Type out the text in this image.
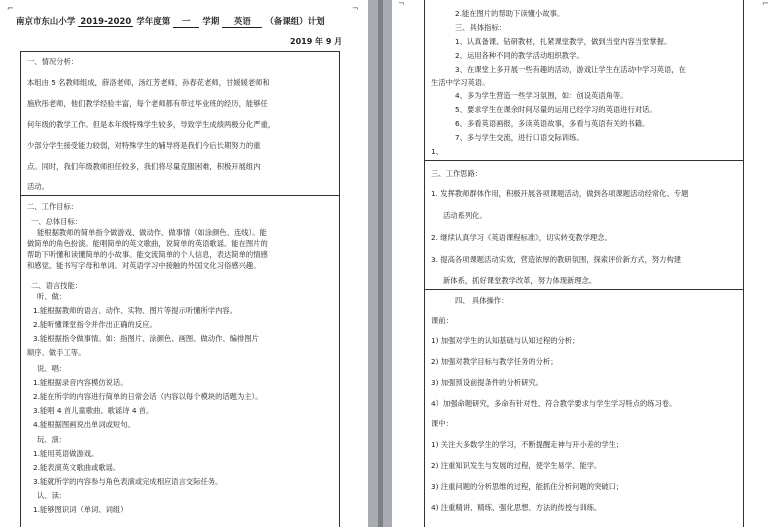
⌐	¬
南京市东山小学 2019-2020 学年度第 一 学期 英语 （备课组）计划
2019 年 9 月
一、情况分析：
本组由 5 名教师组成，薛洛老师，汤红芳老师，孙春花老师，甘媛媛老师和
施欣彤老师，他们教学经验丰富，每个老师都有带过毕业班的经历，能够任
何年级的教学工作。但是本年级特殊学生较多，导致学生成绩两极分化严重，
少部分学生接受能力较弱，对特殊学生的辅导将是我们今后长期努力的重
点。同时，我们年级教师担任较多，我们将尽量克服困难，积极开展组内
活动。
二、工作目标：
一、总体目标：
能根据教师的简单指令做游戏、做动作、做事情（如涂颜色、连线）。能
做简单的角色扮演。能唱简单的英文歌曲，说简单的英语歌谣。能在图片的
帮助下听懂和读懂简单的小故事。能交流简单的个人信息，表达简单的情感
和感觉。能书写字母和单词。对英语学习中接触的外国文化习俗感兴趣。
二、语言技能：
听、做：
1.能根据教师的语言、动作、实物、图片等提示听懂所学内容。
2.能听懂课堂指令并作出正确的反应。
3.能根据指令做事情。如：指图片、涂颜色、画图、做动作、编排图片
顺序、做手工等。
说、唱：
1.能根据录音内容模仿说话。
2.能在所学的内容进行简单的日常会话（内容以每个模块的话题为主）。
3.能唱 4 首儿童歌曲、歌谣诗 4 首。
4.能根据图画说出单词或短句。
玩、演：
1.能用英语做游戏。
2.能表演英文歌曲或歌谣。
3.能就所学的内容参与角色表演或完成相应语言交际任务。
认、读：
1.能够图识词（单词、词组）
¬	⌐
2.能在图片的帮助下读懂小故事。
三、具体指标：
1、认真备课、钻研教材，扎紧课堂教学，做到当堂内容当堂掌握。
2、运用各种不同的教学活动组织教学。
3、在课堂上多开展一些有趣的活动，游戏让学生在活动中学习英语，在
生活中学习英语。
4、多为学生营造一些学习氛围，如：创设英语角等。
5、要求学生在课余时间尽量的运用已经学习的英语进行对话。
6、多看英语画报，多读英语故事，多看与英语有关的书籍。
7、多与学生交流，进行口语交际训练。
1、
三、工作思路：
1. 发挥教师群体作用，积极开展各项课题活动，做到各项课题活动经常化、专题
活动系列化。
2. 继续认真学习《英语课程标准》，切实转变教学理念。
3. 提高各项课题活动实效，营造浓厚的教研氛围，探索评价新方式，努力构建
新体系，抓好课堂教学改革，努力体现新理念。
四、 具体操作：
课前：
1) 加强对学生的认知基础与认知过程的分析；
2) 加强对教学目标与教学任务的分析；
3) 加强预设前提条件的分析研究。
4）加强命题研究，多命有针对性、符合教学要求与学生学习特点的练习卷。
课中：
1) 关注大多数学生的学习，不断提醒走神与开小差的学生；
2) 注重知识发生与发展的过程，使学生易学、能学。
3) 注重问题的分析思维的过程，能抓住分析问题的突破口；
4) 注重精讲、精练、强化思想、方法的传授与训练。
